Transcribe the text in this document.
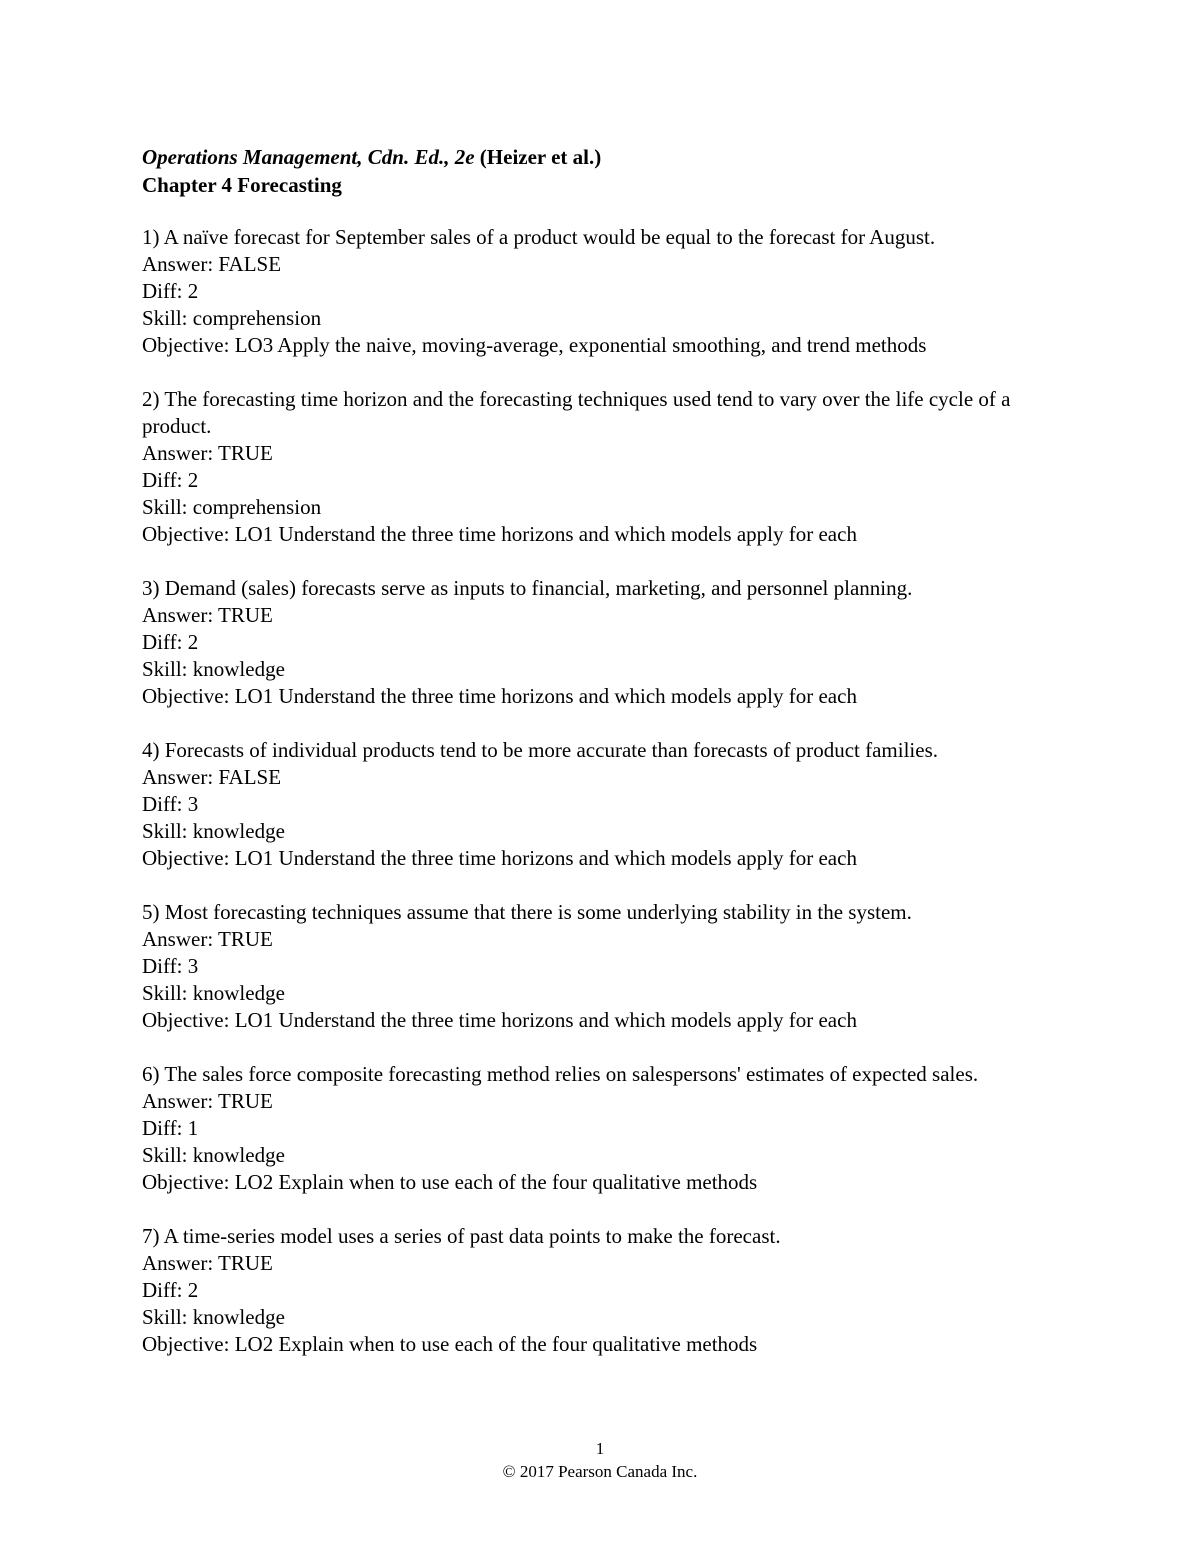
Operations Management, Cdn. Ed., 2e (Heizer et al.)
Chapter 4 Forecasting
1) A naïve forecast for September sales of a product would be equal to the forecast for August.
Answer: FALSE
Diff: 2
Skill: comprehension
Objective: LO3 Apply the naive, moving-average, exponential smoothing, and trend methods
2) The forecasting time horizon and the forecasting techniques used tend to vary over the life cycle of a product.
Answer: TRUE
Diff: 2
Skill: comprehension
Objective: LO1 Understand the three time horizons and which models apply for each
3) Demand (sales) forecasts serve as inputs to financial, marketing, and personnel planning.
Answer: TRUE
Diff: 2
Skill: knowledge
Objective: LO1 Understand the three time horizons and which models apply for each
4) Forecasts of individual products tend to be more accurate than forecasts of product families.
Answer: FALSE
Diff: 3
Skill: knowledge
Objective: LO1 Understand the three time horizons and which models apply for each
5) Most forecasting techniques assume that there is some underlying stability in the system.
Answer: TRUE
Diff: 3
Skill: knowledge
Objective: LO1 Understand the three time horizons and which models apply for each
6) The sales force composite forecasting method relies on salespersons' estimates of expected sales.
Answer: TRUE
Diff: 1
Skill: knowledge
Objective: LO2 Explain when to use each of the four qualitative methods
7) A time-series model uses a series of past data points to make the forecast.
Answer: TRUE
Diff: 2
Skill: knowledge
Objective: LO2 Explain when to use each of the four qualitative methods
1
© 2017 Pearson Canada Inc.
